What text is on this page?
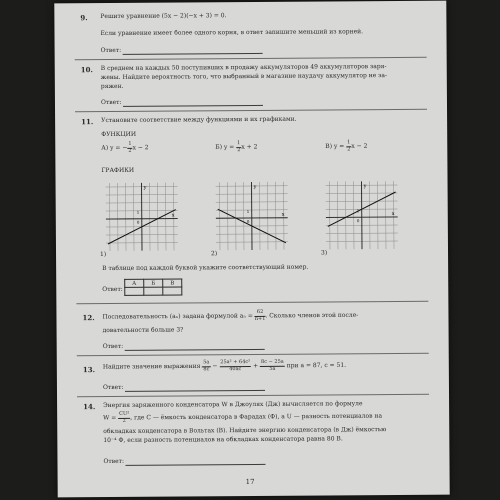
9. Решите уравнение (5x − 2)(−x + 3) = 0.
Если уравнение имеет более одного корня, в ответ запишите меньший из корней.
Ответ:
10. В среднем на каждых 50 поступивших в продажу аккумуляторов 49 аккумуляторов заря-
жены. Найдите вероятность того, что выбранный в магазине наудачу аккумулятор не за-
ряжен.
Ответ:
11. Установите соответствие между функциями и их графиками.
ФУНКЦИИ
А) y = − $\frac{1}{2}$ x − 2	Б) $y = \frac{1}{2}$ x + 2	В) $y = \frac{1}{2}$ x − 2
ГРАФИКИ
y
x
0
1
1)
y
x
0
1
2)
y
x
0
1
3)
В таблице под каждой буквой укажите соответствующий номер.
Ответ:
А	Б	В

12. Последовательность (aₙ) задана формулой $a_n = \frac{62}{n+1}$ . Сколько членов этой после-
довательности больше 3?
Ответ:
13. Найдите значение выражения $\frac{5a}{8c} - \frac{\text{25a² + 64c²}}{40ac} + \frac{8c - 25a}{5a}$ при a = 87, c = 51.
Ответ:
14. Энергия заряженного конденсатора W в Джоулях (Дж) вычисляется по формуле
$W = \frac{\text{CU²}}{2}$ , где C — ёмкость конденсатора в Фарадах (Ф), а U — разность потенциалов на
обкладках конденсатора в Вольтах (В). Найдите энергию конденсатора (в Дж) ёмкостью
10⁻⁴ Ф, если разность потенциалов на обкладках конденсатора равна 80 В.
Ответ:
17
